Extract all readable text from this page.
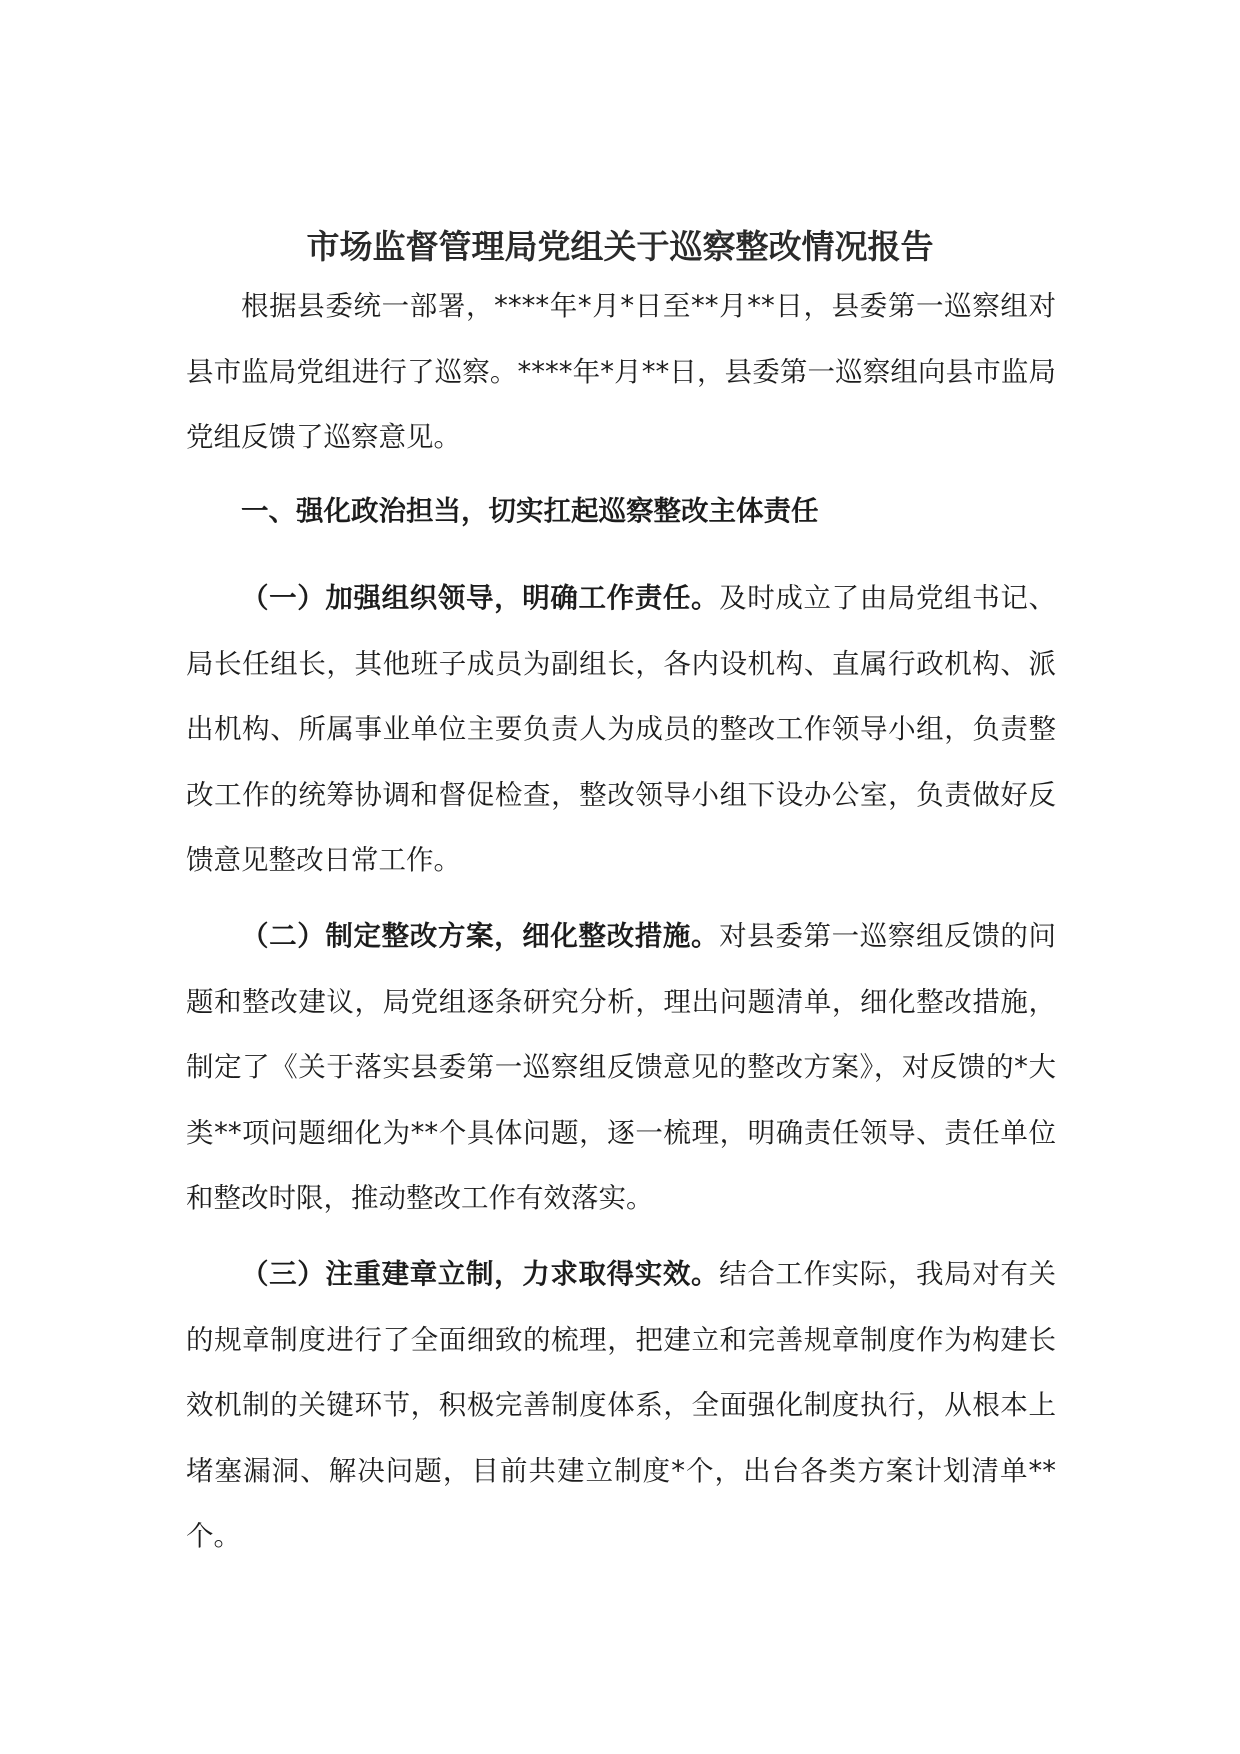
市场监督管理局党组关于巡察整改情况报告

根据县委统一部署，****年*月*日至**月**日，县委第一巡察组对县市监局党组进行了巡察。****年*月**日，县委第一巡察组向县市监局党组反馈了巡察意见。

一、强化政治担当，切实扛起巡察整改主体责任

（一）加强组织领导，明确工作责任。及时成立了由局党组书记、局长任组长，其他班子成员为副组长，各内设机构、直属行政机构、派出机构、所属事业单位主要负责人为成员的整改工作领导小组，负责整改工作的统筹协调和督促检查，整改领导小组下设办公室，负责做好反馈意见整改日常工作。

（二）制定整改方案，细化整改措施。对县委第一巡察组反馈的问题和整改建议，局党组逐条研究分析，理出问题清单，细化整改措施，制定了《关于落实县委第一巡察组反馈意见的整改方案》，对反馈的*大类**项问题细化为**个具体问题，逐一梳理，明确责任领导、责任单位和整改时限，推动整改工作有效落实。

（三）注重建章立制，力求取得实效。结合工作实际，我局对有关的规章制度进行了全面细致的梳理，把建立和完善规章制度作为构建长效机制的关键环节，积极完善制度体系，全面强化制度执行，从根本上堵塞漏洞、解决问题，目前共建立制度*个，出台各类方案计划清单**个。
